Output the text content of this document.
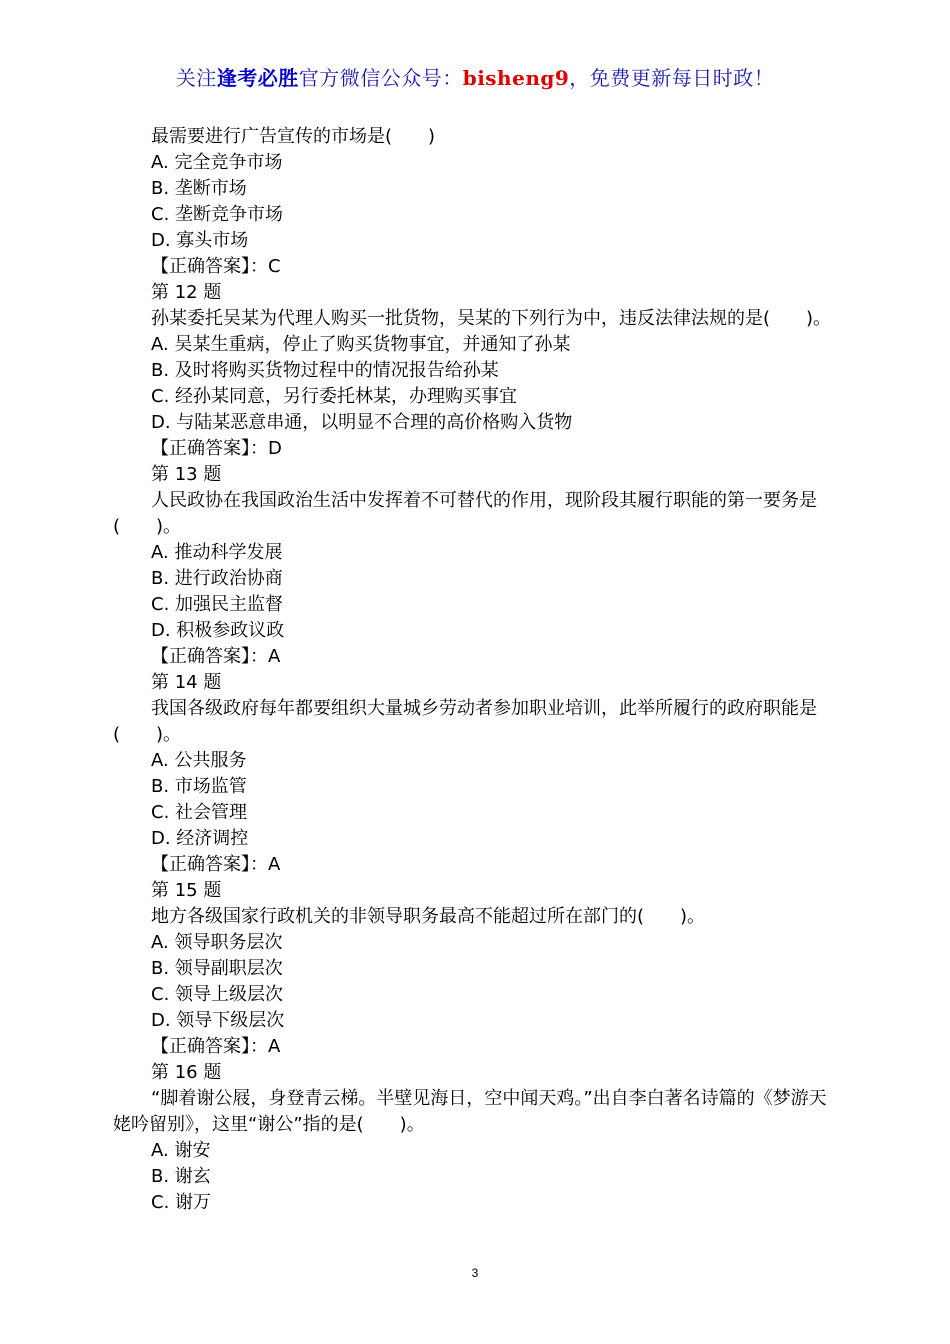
关注逢考必胜官方微信公众号：bisheng9，免费更新每日时政！
最需要进行广告宣传的市场是(　　)
A. 完全竞争市场
B. 垄断市场
C. 垄断竞争市场
D. 寡头市场
【正确答案】：C
第 12 题
孙某委托吴某为代理人购买一批货物，吴某的下列行为中，违反法律法规的是(　　)。
A. 吴某生重病，停止了购买货物事宜，并通知了孙某
B. 及时将购买货物过程中的情况报告给孙某
C. 经孙某同意，另行委托林某，办理购买事宜
D. 与陆某恶意串通，以明显不合理的高价格购入货物
【正确答案】：D
第 13 题
人民政协在我国政治生活中发挥着不可替代的作用，现阶段其履行职能的第一要务是(　　)。
A. 推动科学发展
B. 进行政治协商
C. 加强民主监督
D. 积极参政议政
【正确答案】：A
第 14 题
我国各级政府每年都要组织大量城乡劳动者参加职业培训，此举所履行的政府职能是(　　)。
A. 公共服务
B. 市场监管
C. 社会管理
D. 经济调控
【正确答案】：A
第 15 题
地方各级国家行政机关的非领导职务最高不能超过所在部门的(　　)。
A. 领导职务层次
B. 领导副职层次
C. 领导上级层次
D. 领导下级层次
【正确答案】：A
第 16 题
“脚着谢公屐，身登青云梯。半壁见海日，空中闻天鸡。”出自李白著名诗篇的《梦游天 姥吟留别》，这里“谢公”指的是(　　)。
A. 谢安
B. 谢玄
C. 谢万
3
